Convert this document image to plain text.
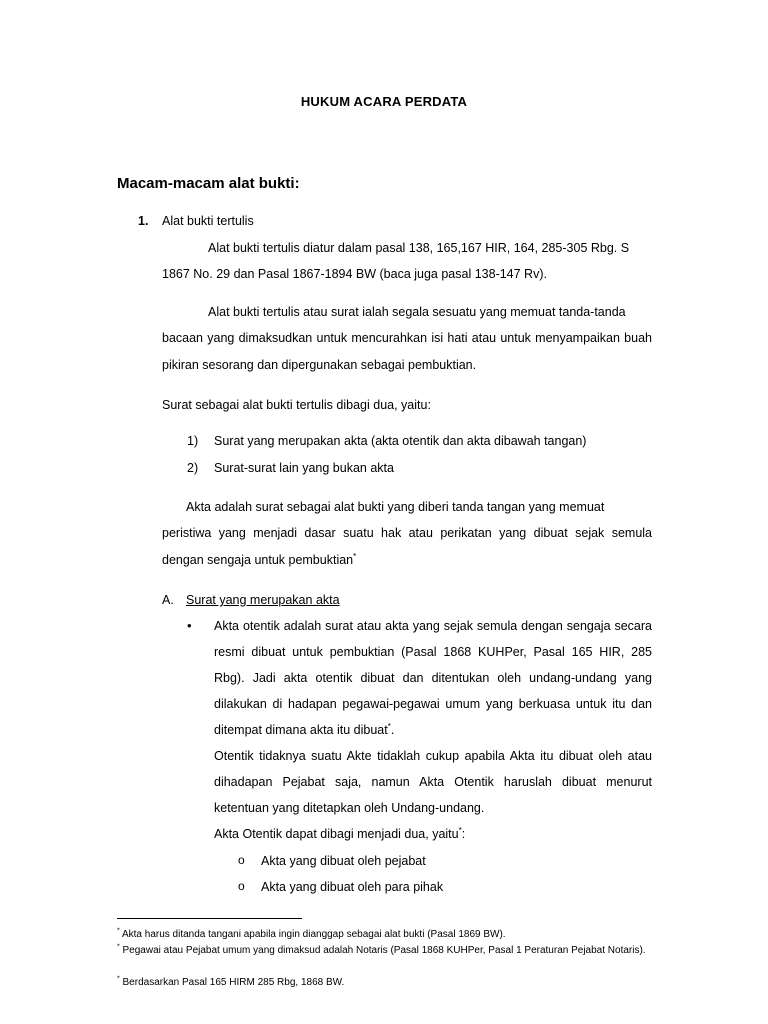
HUKUM ACARA PERDATA
Macam-macam alat bukti:
1. Alat bukti tertulis
Alat bukti tertulis diatur dalam pasal 138, 165,167 HIR, 164, 285-305 Rbg. S
1867 No. 29 dan Pasal 1867-1894 BW (baca juga pasal 138-147 Rv).
Alat bukti tertulis atau surat ialah segala sesuatu yang memuat tanda-tanda
bacaan yang dimaksudkan untuk mencurahkan isi hati atau untuk menyampaikan buah pikiran sesorang dan dipergunakan sebagai pembuktian.
Surat sebagai alat bukti tertulis dibagi dua, yaitu:
1) Surat yang merupakan akta (akta otentik dan akta dibawah tangan)
2) Surat-surat lain yang bukan akta
Akta adalah surat sebagai alat bukti yang diberi tanda tangan yang memuat
peristiwa yang menjadi dasar suatu hak atau perikatan yang dibuat sejak semula dengan sengaja untuk pembuktian*
A. Surat yang merupakan akta
• Akta otentik adalah surat atau akta yang sejak semula dengan sengaja secara resmi dibuat untuk pembuktian (Pasal 1868 KUHPer, Pasal 165 HIR, 285 Rbg). Jadi akta otentik dibuat dan ditentukan oleh undang-undang yang dilakukan di hadapan pegawai-pegawai umum yang berkuasa untuk itu dan ditempat dimana akta itu dibuat*.

Otentik tidaknya suatu Akte tidaklah cukup apabila Akta itu dibuat oleh atau dihadapan Pejabat saja, namun Akta Otentik haruslah dibuat menurut ketentuan yang ditetapkan oleh Undang-undang.
Akta Otentik dapat dibagi menjadi dua, yaitu*:
o Akta yang dibuat oleh pejabat
o Akta yang dibuat oleh para pihak
* Akta harus ditanda tangani apabila ingin dianggap sebagai alat bukti (Pasal 1869 BW).
* Pegawai atau Pejabat umum yang dimaksud adalah Notaris (Pasal 1868 KUHPer, Pasal 1 Peraturan Pejabat Notaris).
* Berdasarkan Pasal 165 HIRM 285 Rbg, 1868 BW.
